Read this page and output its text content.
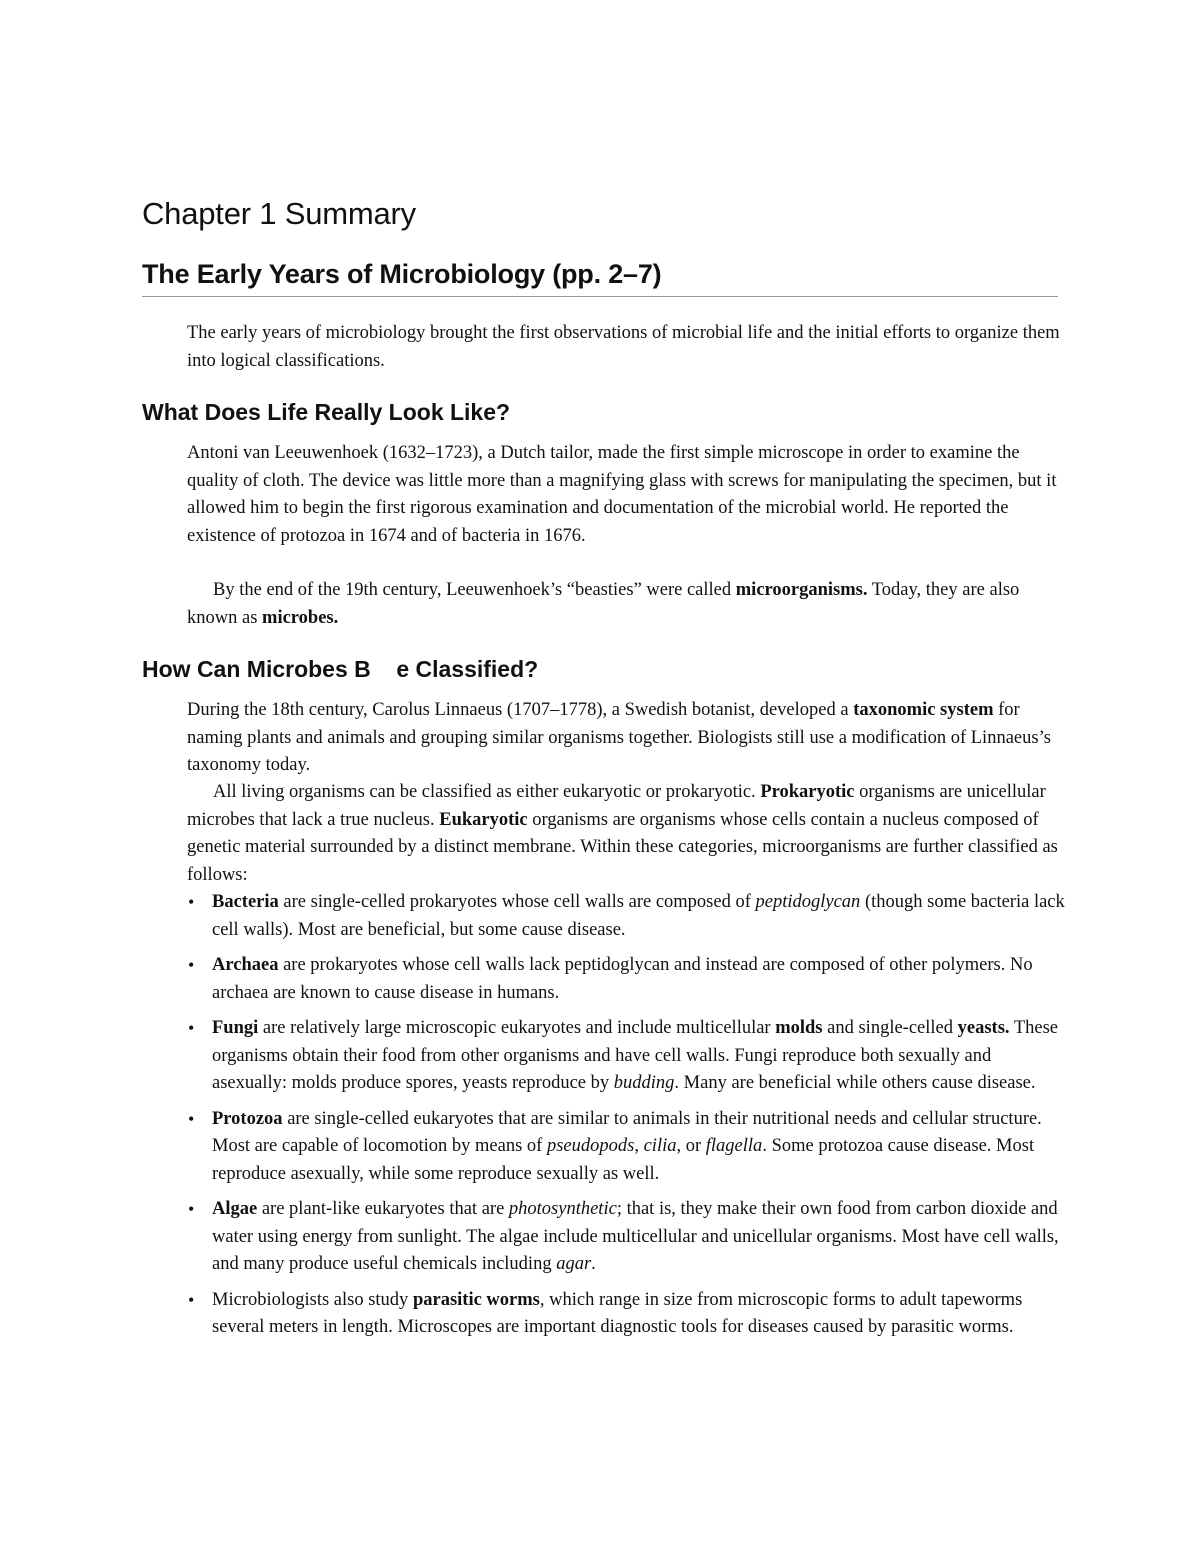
Chapter 1 Summary
The Early Years of Microbiology (pp. 2–7)

The early years of microbiology brought the first observations of microbial life and the initial efforts to organize them into logical classifications.

What Does Life Really Look Like?

Antoni van Leeuwenhoek (1632–1723), a Dutch tailor, made the first simple microscope in order to examine the quality of cloth. The device was little more than a magnifying glass with screws for manipulating the specimen, but it allowed him to begin the first rigorous examination and documentation of the microbial world. He reported the existence of protozoa in 1674 and of bacteria in 1676.

By the end of the 19th century, Leeuwenhoek’s “beasties” were called microorganisms. Today, they are also known as microbes.

How Can Microbes B    e Classified?

During the 18th century, Carolus Linnaeus (1707–1778), a Swedish botanist, developed a taxonomic system for naming plants and animals and grouping similar organisms together. Biologists still use a modification of Linnaeus’s taxonomy today.

All living organisms can be classified as either eukaryotic or prokaryotic. Prokaryotic organisms are unicellular microbes that lack a true nucleus. Eukaryotic organisms are organisms whose cells contain a nucleus composed of genetic material surrounded by a distinct membrane. Within these categories, microorganisms are further classified as follows:

• Bacteria are single-celled prokaryotes whose cell walls are composed of peptidoglycan (though some bacteria lack cell walls). Most are beneficial, but some cause disease.
• Archaea are prokaryotes whose cell walls lack peptidoglycan and instead are composed of other polymers. No archaea are known to cause disease in humans.
• Fungi are relatively large microscopic eukaryotes and include multicellular molds and single-celled yeasts. These organisms obtain their food from other organisms and have cell walls. Fungi reproduce both sexually and asexually: molds produce spores, yeasts reproduce by budding. Many are beneficial while others cause disease.
• Protozoa are single-celled eukaryotes that are similar to animals in their nutritional needs and cellular structure. Most are capable of locomotion by means of pseudopods, cilia, or flagella. Some protozoa cause disease. Most reproduce asexually, while some reproduce sexually as well.
• Algae are plant-like eukaryotes that are photosynthetic; that is, they make their own food from carbon dioxide and water using energy from sunlight. The algae include multicellular and unicellular organisms. Most have cell walls, and many produce useful chemicals including agar.
• Microbiologists also study parasitic worms, which range in size from microscopic forms to adult tapeworms several meters in length. Microscopes are important diagnostic tools for diseases caused by parasitic worms.
